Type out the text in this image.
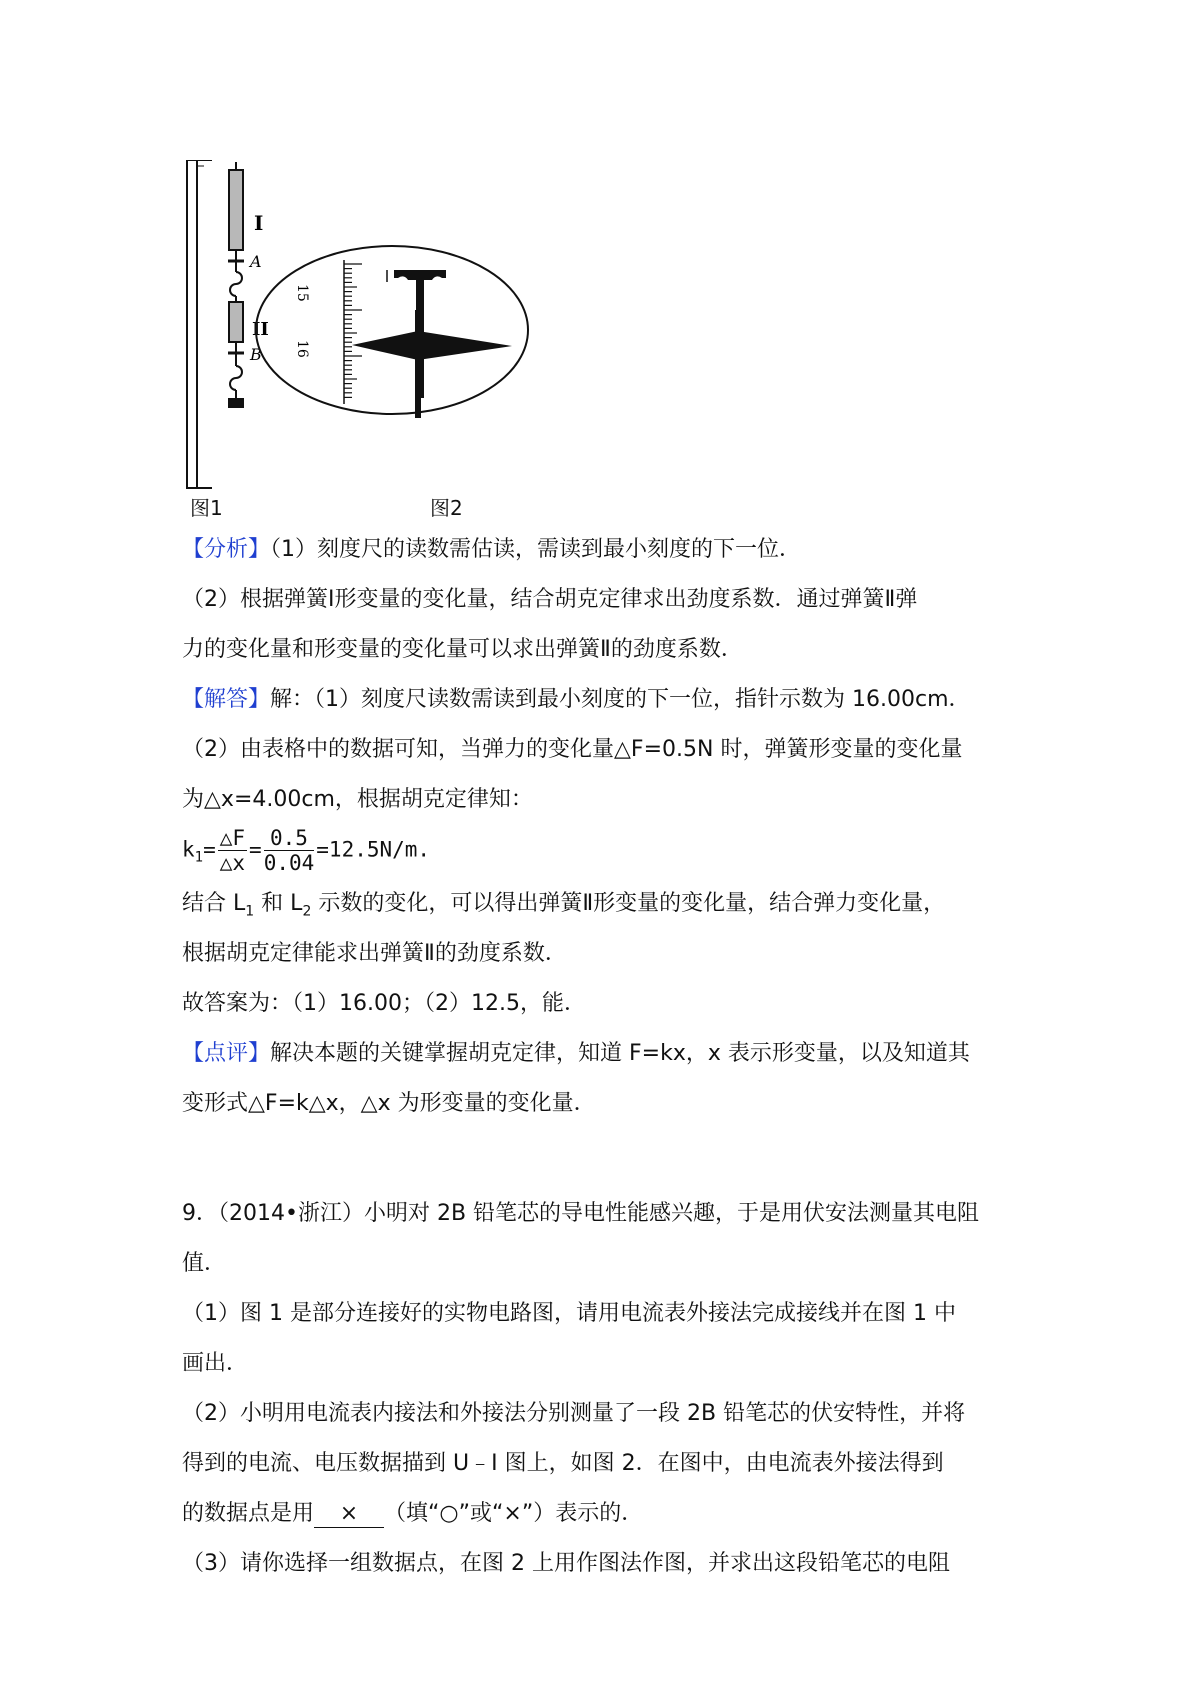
I
A
II
B
15
16
图1	图2
【分析】（1）刻度尺的读数需估读，需读到最小刻度的下一位．
（2）根据弹簧Ⅰ形变量的变化量，结合胡克定律求出劲度系数．通过弹簧Ⅱ弹
力的变化量和形变量的变化量可以求出弹簧Ⅱ的劲度系数．
【解答】解：（1）刻度尺读数需读到最小刻度的下一位，指针示数为 16.00cm．
（2）由表格中的数据可知，当弹力的变化量△F=0.5N 时，弹簧形变量的变化量
为△x=4.00cm，根据胡克定律知：
$k_1= \frac{\triangle F}{\triangle x} = \frac{0.5}{0.04} =12.5N/m$.
结合 $L_1$ 和 $L_2$ 示数的变化，可以得出弹簧Ⅱ形变量的变化量，结合弹力变化量，
根据胡克定律能求出弹簧Ⅱ的劲度系数．
故答案为：（1）16.00；（2）12.5，能．
【点评】解决本题的关键掌握胡克定律，知道 F=kx，x 表示形变量，以及知道其
变形式△F=k△x，△x 为形变量的变化量．
9．（2014•浙江）小明对 2B 铅笔芯的导电性能感兴趣，于是用伏安法测量其电阻
值．
（1）图 1 是部分连接好的实物电路图，请用电流表外接法完成接线并在图 1 中
画出．
（2）小明用电流表内接法和外接法分别测量了一段 2B 铅笔芯的伏安特性，并将
得到的电流、电压数据描到 U﹣I 图上，如图 2．在图中，由电流表外接法得到
的数据点是用 × （填“○”或“×”）表示的．
（3）请你选择一组数据点，在图 2 上用作图法作图，并求出这段铅笔芯的电阻
